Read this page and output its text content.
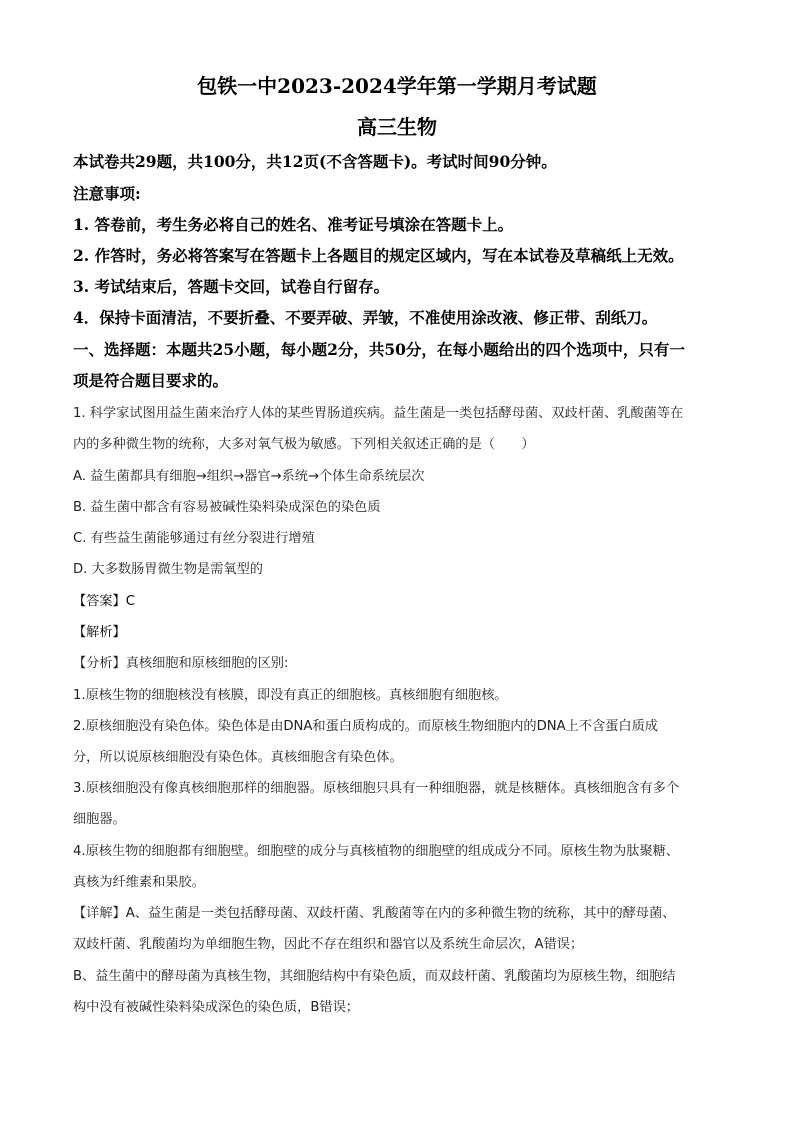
包铁一中2023-2024学年第一学期月考试题
高三生物
本试卷共29题，共100分，共12页(不含答题卡)。考试时间90分钟。
注意事项:
1. 答卷前，考生务必将自己的姓名、准考证号填涂在答题卡上。
2. 作答时，务必将答案写在答题卡上各题目的规定区域内，写在本试卷及草稿纸上无效。
3. 考试结束后，答题卡交回，试卷自行留存。
4．保持卡面清洁，不要折叠、不要弄破、弄皱，不准使用涂改液、修正带、刮纸刀。
一、选择题：本题共25小题，每小题2分，共50分，在每小题给出的四个选项中，只有一
项是符合题目要求的。
1. 科学家试图用益生菌来治疗人体的某些胃肠道疾病。益生菌是一类包括酵母菌、双歧杆菌、乳酸菌等在
内的多种微生物的统称，大多对氧气极为敏感。下列相关叙述正确的是（　　）
A. 益生菌都具有细胞→组织→器官→系统→个体生命系统层次
B. 益生菌中都含有容易被碱性染料染成深色的染色质
C. 有些益生菌能够通过有丝分裂进行增殖
D. 大多数肠胃微生物是需氧型的
【答案】C
【解析】
【分析】真核细胞和原核细胞的区别:
1.原核生物的细胞核没有核膜，即没有真正的细胞核。真核细胞有细胞核。
2.原核细胞没有染色体。染色体是由DNA和蛋白质构成的。而原核生物细胞内的DNA上不含蛋白质成
分，所以说原核细胞没有染色体。真核细胞含有染色体。
3.原核细胞没有像真核细胞那样的细胞器。原核细胞只具有一种细胞器，就是核糖体。真核细胞含有多个
细胞器。
4.原核生物的细胞都有细胞壁。细胞壁的成分与真核植物的细胞壁的组成成分不同。原核生物为肽聚糖、
真核为纤维素和果胶。
【详解】A、益生菌是一类包括酵母菌、双歧杆菌、乳酸菌等在内的多种微生物的统称，其中的酵母菌、
双歧杆菌、乳酸菌均为单细胞生物，因此不存在组织和器官以及系统生命层次，A错误；
B、益生菌中的酵母菌为真核生物，其细胞结构中有染色质，而双歧杆菌、乳酸菌均为原核生物，细胞结
构中没有被碱性染料染成深色的染色质，B错误；
